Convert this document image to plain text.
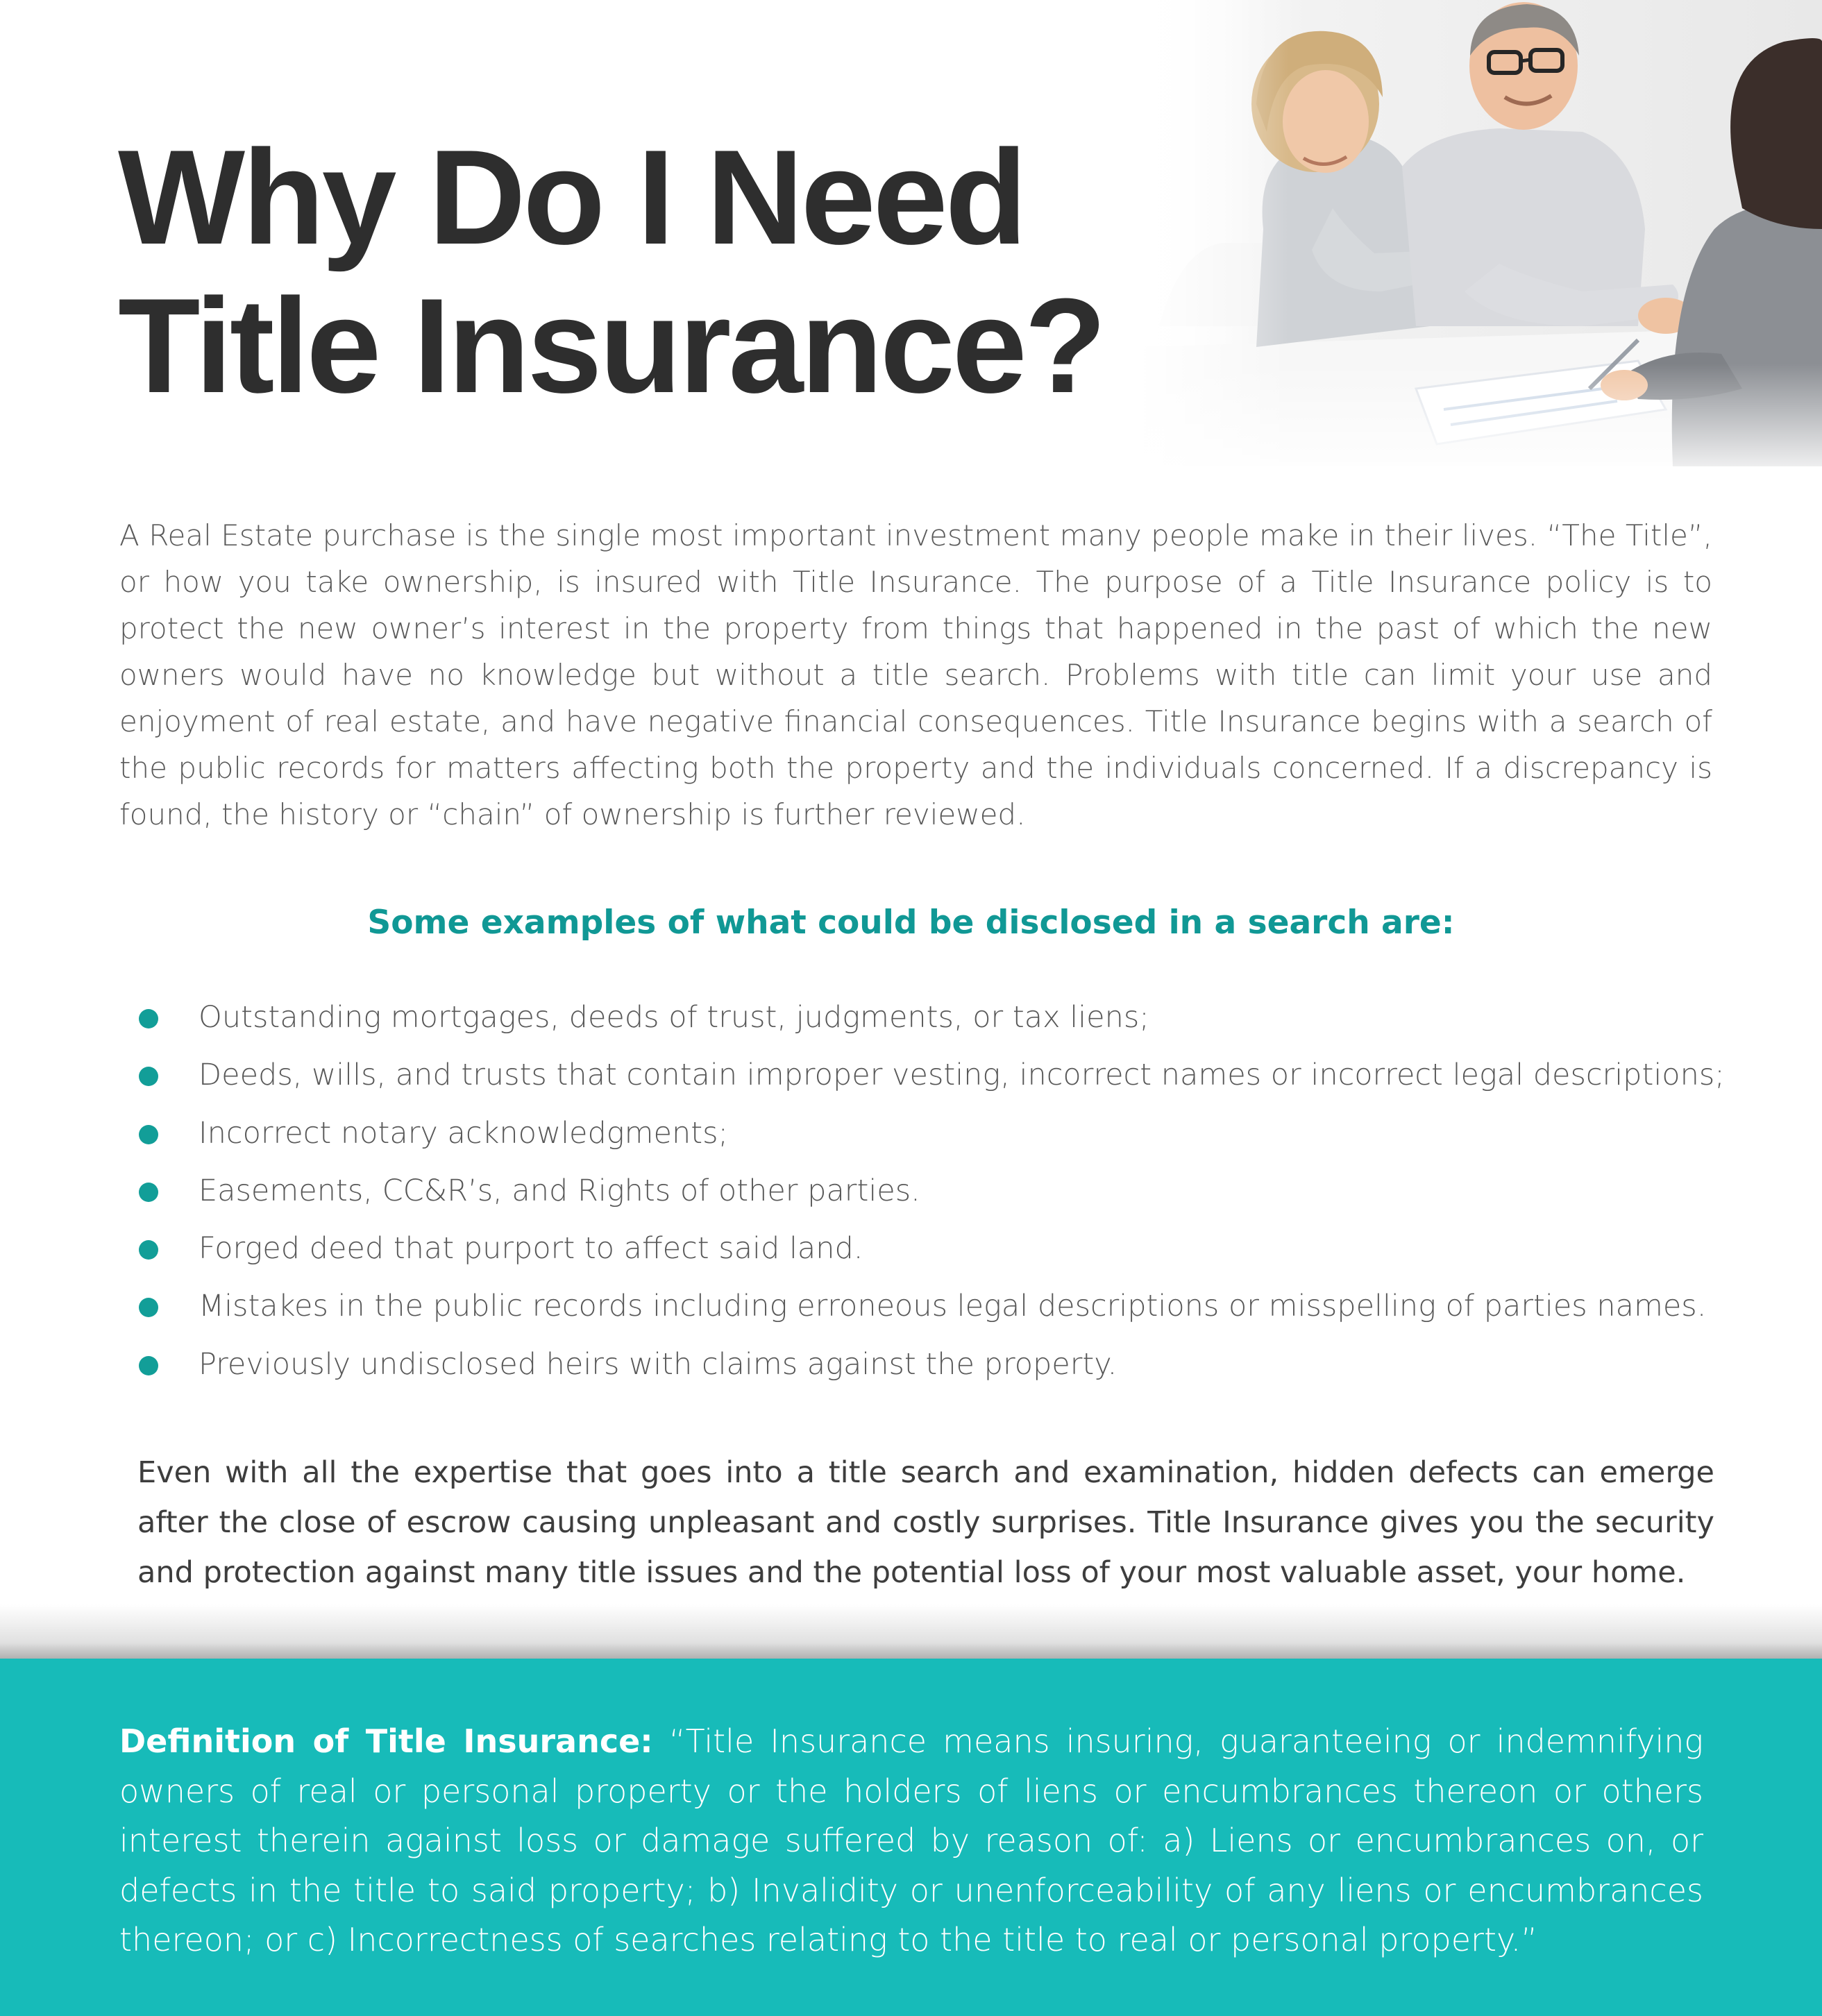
Why Do I Need
Title Insurance?

A Real Estate purchase is the single most important investment many people make in their lives. “The Title”, or how you take ownership, is insured with Title Insurance. The purpose of a Title Insurance policy is to protect the new owner’s interest in the property from things that happened in the past of which the new owners would have no knowledge but without a title search. Problems with title can limit your use and enjoyment of real estate, and have negative financial consequences. Title Insurance begins with a search of the public records for matters affecting both the property and the individuals concerned. If a discrepancy is found, the history or “chain” of ownership is further reviewed.

Some examples of what could be disclosed in a search are:
Outstanding mortgages, deeds of trust, judgments, or tax liens;
Deeds, wills, and trusts that contain improper vesting, incorrect names or incorrect legal descriptions;
Incorrect notary acknowledgments;
Easements, CC&R’s, and Rights of other parties.
Forged deed that purport to affect said land.
Mistakes in the public records including erroneous legal descriptions or misspelling of parties names.
Previously undisclosed heirs with claims against the property.

Even with all the expertise that goes into a title search and examination, hidden defects can emerge after the close of escrow causing unpleasant and costly surprises. Title Insurance gives you the security and protection against many title issues and the potential loss of your most valuable asset, your home.

Definition of Title Insurance: “Title Insurance means insuring, guaranteeing or indemnifying owners of real or personal property or the holders of liens or encumbrances thereon or others interest therein against loss or damage suffered by reason of: a) Liens or encumbrances on, or defects in the title to said property; b) Invalidity or unenforceability of any liens or encumbrances thereon; or c) Incorrectness of searches relating to the title to real or personal property.”
